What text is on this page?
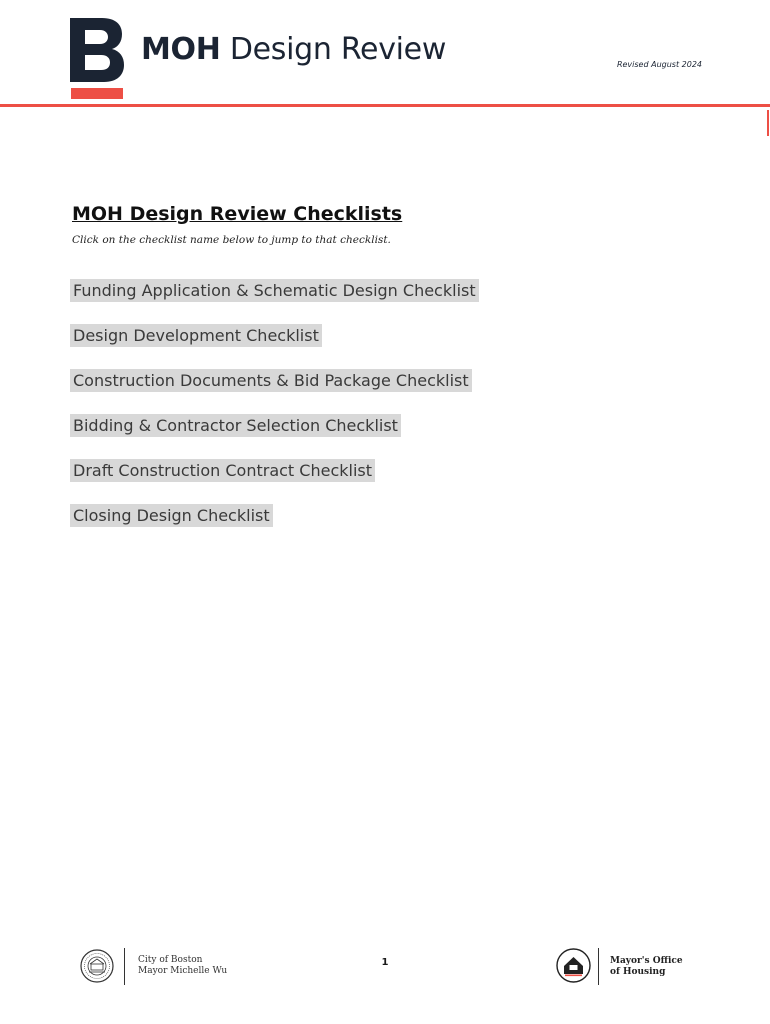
MOH Design Review	Revised August 2024
MOH Design Review Checklists
Click on the checklist name below to jump to that checklist.
Funding Application & Schematic Design Checklist
Design Development Checklist
Construction Documents & Bid Package Checklist
Bidding & Contractor Selection Checklist
Draft Construction Contract Checklist
Closing Design Checklist
City of Boston
Mayor Michelle Wu
1	Mayor's Office
of Housing
